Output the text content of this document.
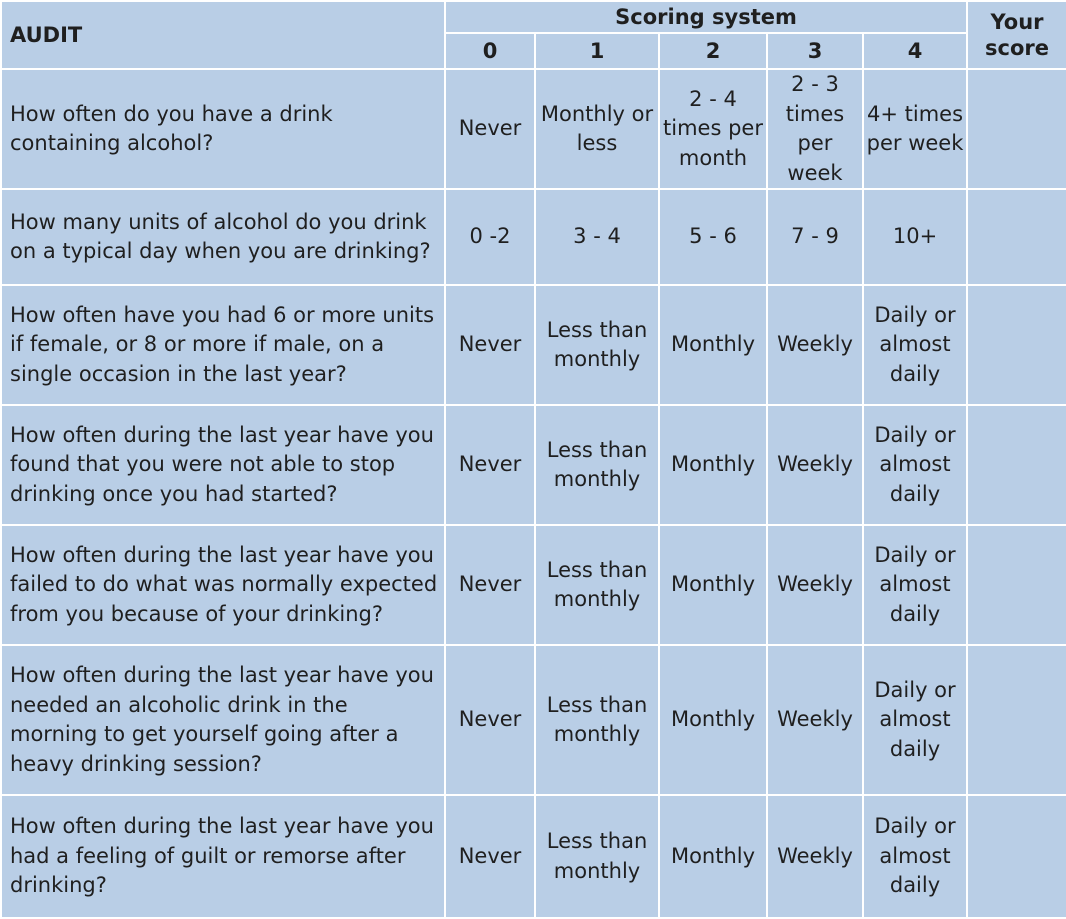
AUDIT	Scoring system					Your score
	0	1	2	3	4	
How often do you have a drink containing alcohol?	Never	Monthly or less	2 - 4 times per month	2 - 3 times per week	4+ times per week	
How many units of alcohol do you drink on a typical day when you are drinking?	0 -2	3 - 4	5 - 6	7 - 9	10+	
How often have you had 6 or more units if female, or 8 or more if male, on a single occasion in the last year?	Never	Less than monthly	Monthly	Weekly	Daily or almost daily	
How often during the last year have you found that you were not able to stop drinking once you had started?	Never	Less than monthly	Monthly	Weekly	Daily or almost daily	
How often during the last year have you failed to do what was normally expected from you because of your drinking?	Never	Less than monthly	Monthly	Weekly	Daily or almost daily	
How often during the last year have you needed an alcoholic drink in the morning to get yourself going after a heavy drinking session?	Never	Less than monthly	Monthly	Weekly	Daily or almost daily	
How often during the last year have you had a feeling of guilt or remorse after drinking?	Never	Less than monthly	Monthly	Weekly	Daily or almost daily	
